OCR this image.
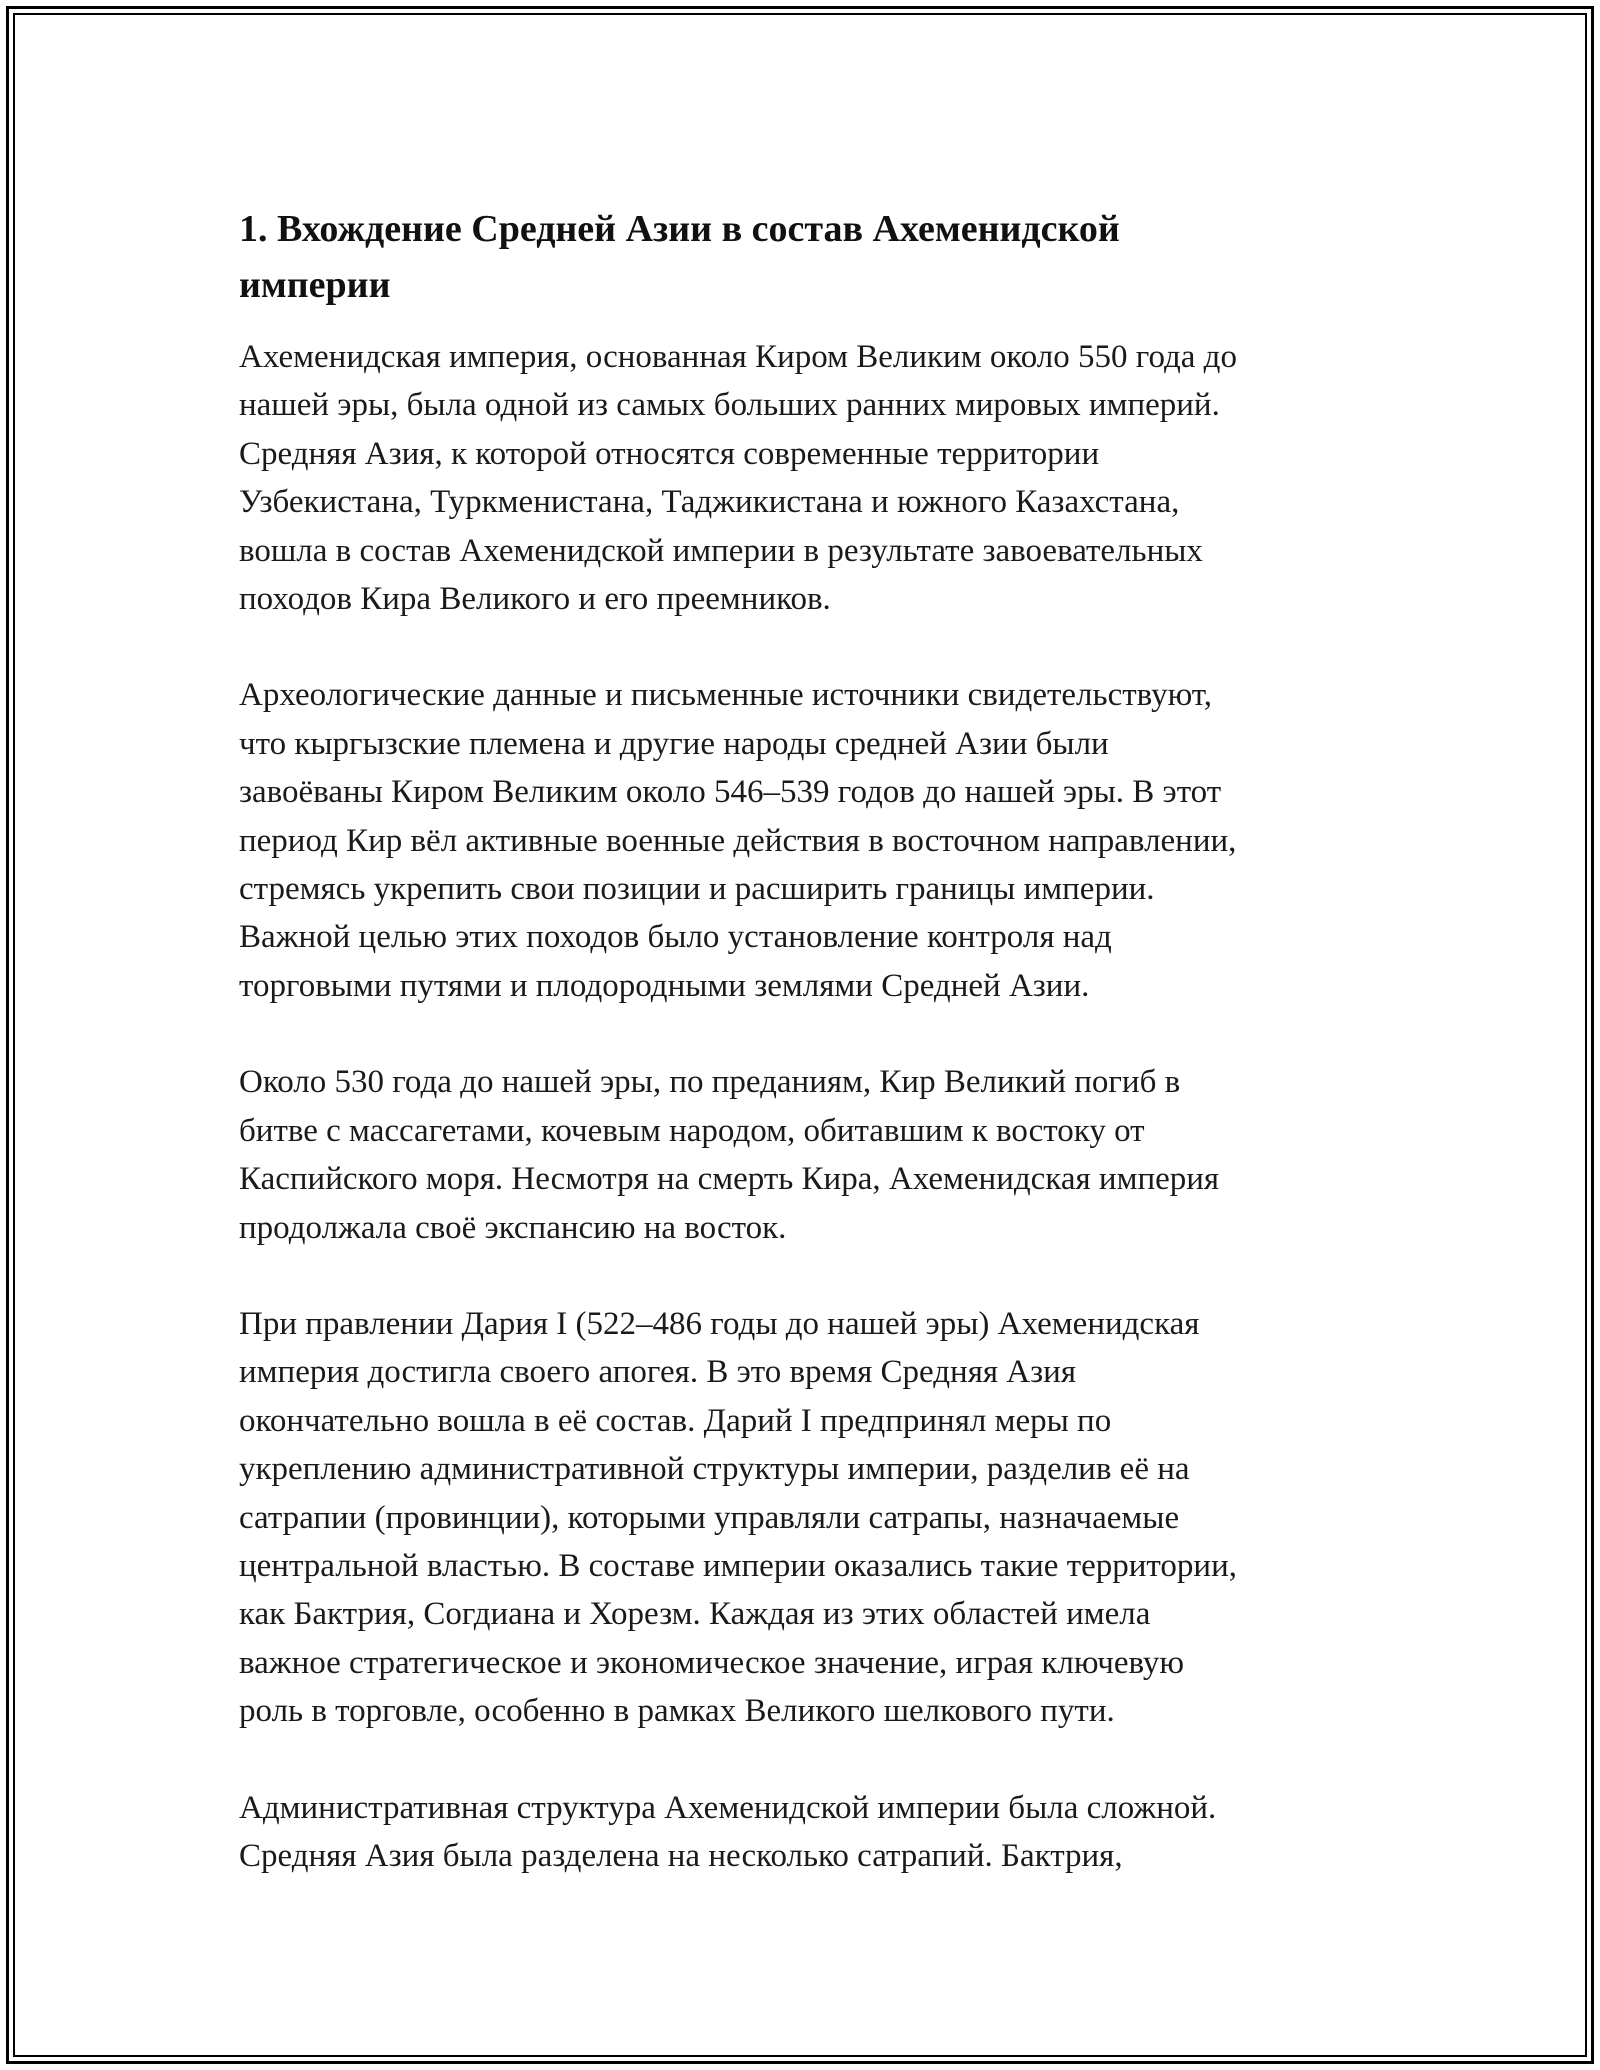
1. Вхождение Средней Азии в состав Ахеменидской
империи

Ахеменидская империя, основанная Киром Великим около 550 года до
нашей эры, была одной из самых больших ранних мировых империй.
Средняя Азия, к которой относятся современные территории
Узбекистана, Туркменистана, Таджикистана и южного Казахстана,
вошла в состав Ахеменидской империи в результате завоевательных
походов Кира Великого и его преемников.

Археологические данные и письменные источники свидетельствуют,
что кыргызские племена и другие народы средней Азии были
завоёваны Киром Великим около 546–539 годов до нашей эры. В этот
период Кир вёл активные военные действия в восточном направлении,
стремясь укрепить свои позиции и расширить границы империи.
Важной целью этих походов было установление контроля над
торговыми путями и плодородными землями Средней Азии.

Около 530 года до нашей эры, по преданиям, Кир Великий погиб в
битве с массагетами, кочевым народом, обитавшим к востоку от
Каспийского моря. Несмотря на смерть Кира, Ахеменидская империя
продолжала своё экспансию на восток.

При правлении Дария I (522–486 годы до нашей эры) Ахеменидская
империя достигла своего апогея. В это время Средняя Азия
окончательно вошла в её состав. Дарий I предпринял меры по
укреплению административной структуры империи, разделив её на
сатрапии (провинции), которыми управляли сатрапы, назначаемые
центральной властью. В составе империи оказались такие территории,
как Бактрия, Согдиана и Хорезм. Каждая из этих областей имела
важное стратегическое и экономическое значение, играя ключевую
роль в торговле, особенно в рамках Великого шелкового пути.

Административная структура Ахеменидской империи была сложной.
Средняя Азия была разделена на несколько сатрапий. Бактрия,
